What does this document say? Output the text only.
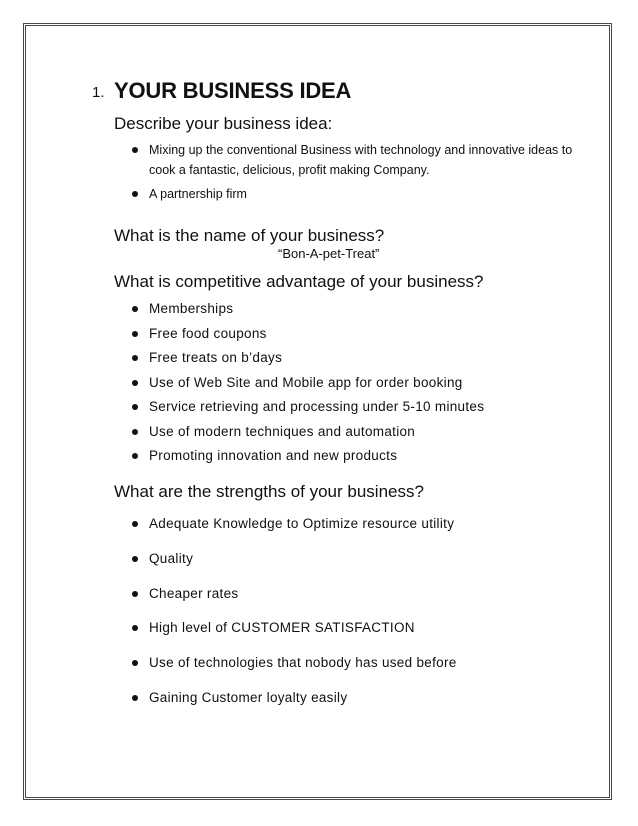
1. YOUR BUSINESS IDEA
Describe your business idea:
Mixing up the conventional Business with technology and innovative ideas to cook a fantastic, delicious, profit making Company.
A partnership firm
What is the name of your business?
“Bon-A-pet-Treat”
What is competitive advantage of your business?
Memberships
Free food coupons
Free treats on b’days
Use of Web Site and Mobile app for order booking
Service retrieving and processing under 5-10 minutes
Use of modern techniques and automation
Promoting innovation and new products
What are the strengths of your business?
Adequate Knowledge to Optimize resource utility
Quality
Cheaper rates
High level of CUSTOMER SATISFACTION
Use of technologies that nobody has used before
Gaining Customer loyalty easily
